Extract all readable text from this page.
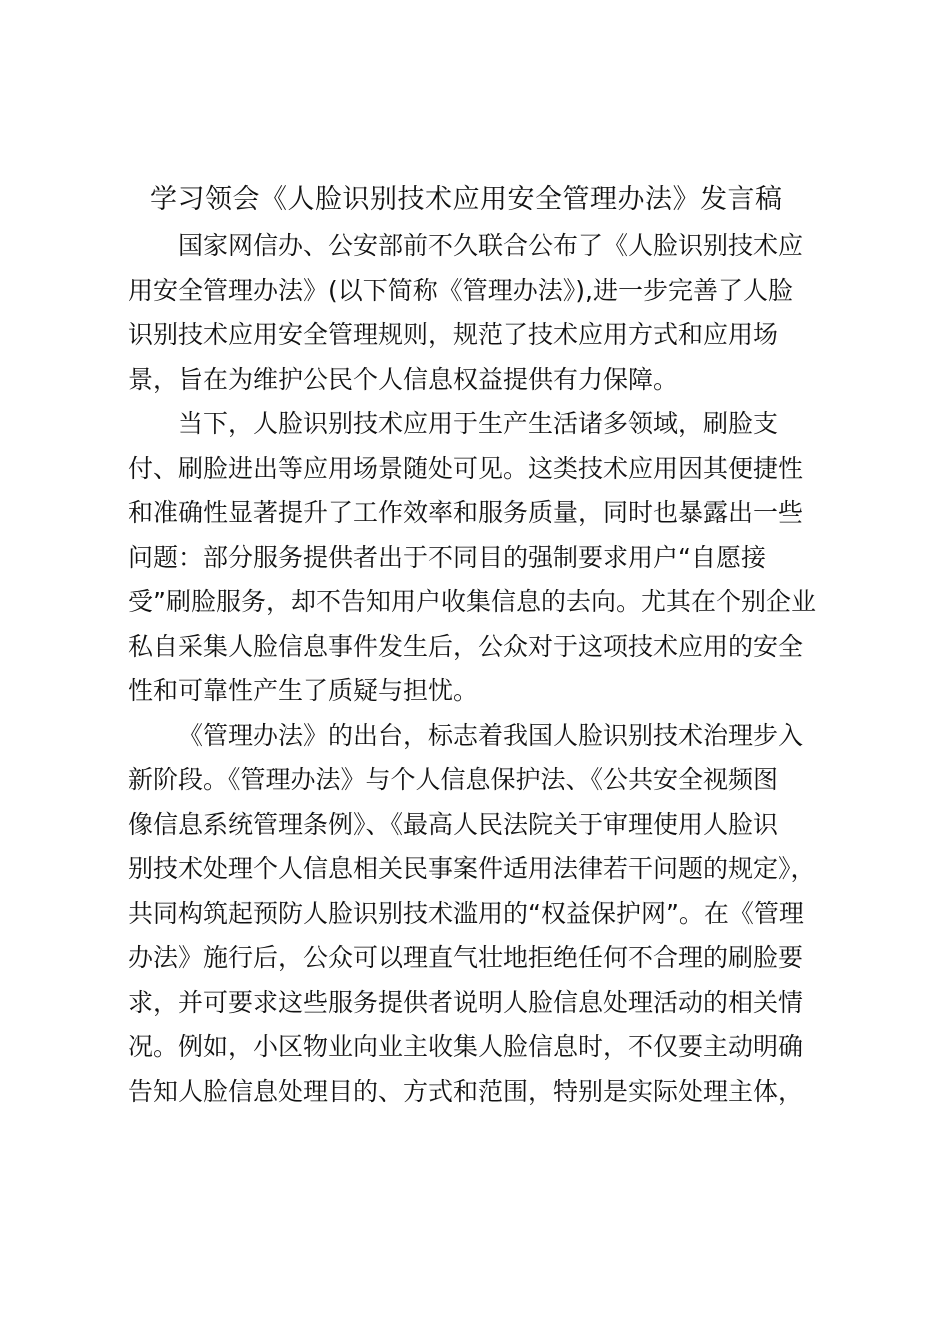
学习领会《人脸识别技术应用安全管理办法》发言稿
国家网信办、公安部前不久联合公布了《人脸识别技术应
用安全管理办法》(以下简称《管理办法》),进一步完善了人脸
识别技术应用安全管理规则，规范了技术应用方式和应用场
景，旨在为维护公民个人信息权益提供有力保障。
当下，人脸识别技术应用于生产生活诸多领域，刷脸支
付、刷脸进出等应用场景随处可见。这类技术应用因其便捷性
和准确性显著提升了工作效率和服务质量，同时也暴露出一些
问题：部分服务提供者出于不同目的强制要求用户“自愿接
受”刷脸服务，却不告知用户收集信息的去向。尤其在个别企业
私自采集人脸信息事件发生后，公众对于这项技术应用的安全
性和可靠性产生了质疑与担忧。
《管理办法》的出台，标志着我国人脸识别技术治理步入
新阶段。《管理办法》与个人信息保护法、《公共安全视频图
像信息系统管理条例》、《最高人民法院关于审理使用人脸识
别技术处理个人信息相关民事案件适用法律若干问题的规定》，
共同构筑起预防人脸识别技术滥用的“权益保护网”。在《管理
办法》施行后，公众可以理直气壮地拒绝任何不合理的刷脸要
求，并可要求这些服务提供者说明人脸信息处理活动的相关情
况。例如，小区物业向业主收集人脸信息时，不仅要主动明确
告知人脸信息处理目的、方式和范围，特别是实际处理主体，
